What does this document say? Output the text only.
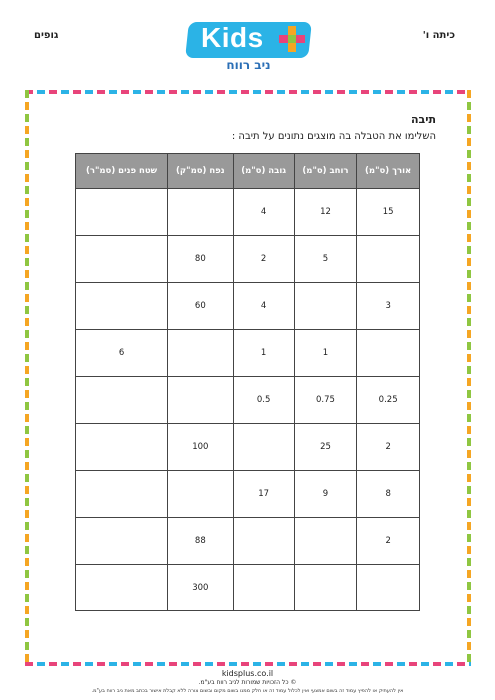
גופים	כיתה ו'
Kids
ניב רווח
תיבה
השלימו את הטבלה בה מוצגים נתונים על תיבה :
אורך (ס"מ)	רוחב (ס"מ)	גובה (ס"מ)	נפח (סמ"ק)	שטח פנים (סמ"ר)
15	12	4		
	5	2	80	
3		4	60	
	1	1		6
0.25	0.75	0.5		
2	25		100	
8	9	17		
2			88	
			300	
kidsplus.co.il
© כל הזכויות שמורות לניב רווח בע"מ.
אין להעתיק או להפיץ עמוד זה בשום אמצעי ואין לכלול עמוד זה או חלק ממנו בשום מקום ובשום צורה ללא קבלת אישור בכתב מאת ניב רווח בע"מ.
